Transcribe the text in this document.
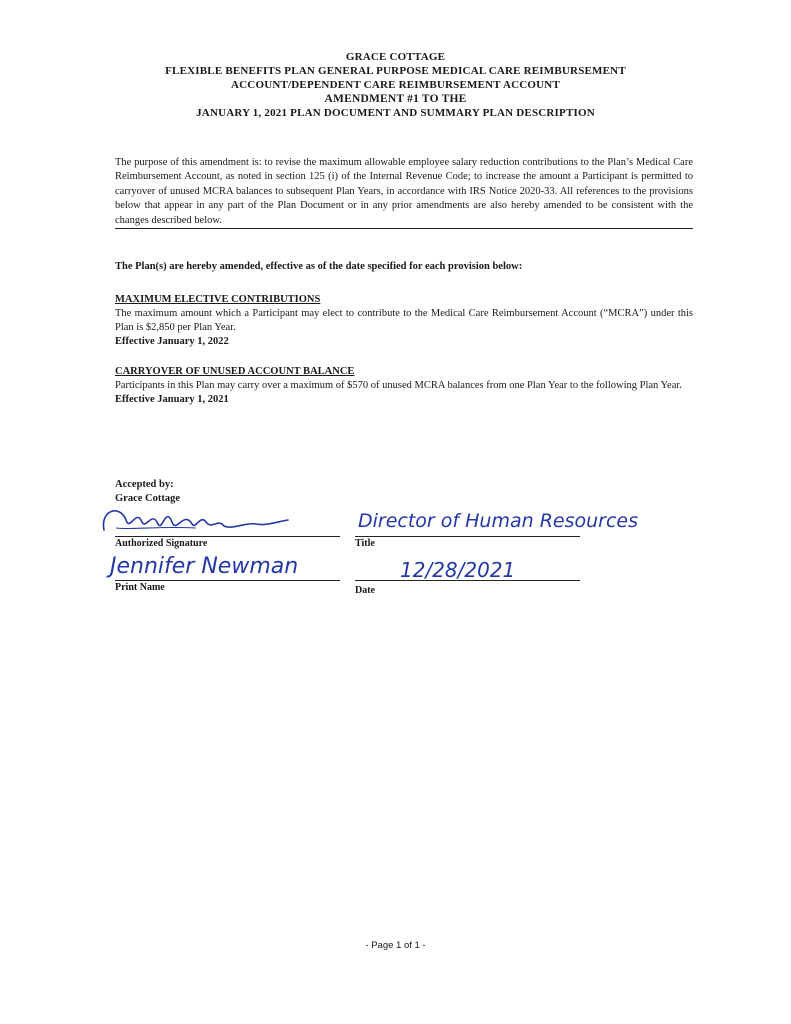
GRACE COTTAGE
FLEXIBLE BENEFITS PLAN GENERAL PURPOSE MEDICAL CARE REIMBURSEMENT
ACCOUNT/DEPENDENT CARE REIMBURSEMENT ACCOUNT
AMENDMENT #1 TO THE
JANUARY 1, 2021 PLAN DOCUMENT AND SUMMARY PLAN DESCRIPTION
The purpose of this amendment is: to revise the maximum allowable employee salary reduction contributions to the Plan’s Medical Care Reimbursement Account, as noted in section 125 (i) of the Internal Revenue Code; to increase the amount a Participant is permitted to carryover of unused MCRA balances to subsequent Plan Years, in accordance with IRS Notice 2020-33. All references to the provisions below that appear in any part of the Plan Document or in any prior amendments are also hereby amended to be consistent with the changes described below.
The Plan(s) are hereby amended, effective as of the date specified for each provision below:
MAXIMUM ELECTIVE CONTRIBUTIONS
The maximum amount which a Participant may elect to contribute to the Medical Care Reimbursement Account (“MCRA”) under this Plan is $2,850 per Plan Year.
Effective January 1, 2022
CARRYOVER OF UNUSED ACCOUNT BALANCE
Participants in this Plan may carry over a maximum of $570 of unused MCRA balances from one Plan Year to the following Plan Year.
Effective January 1, 2021
Accepted by:
Grace Cottage
Authorized Signature
Director of Human Resources
Title
Jennifer Newman
Print Name
12/28/2021
Date
- Page 1 of 1 -
